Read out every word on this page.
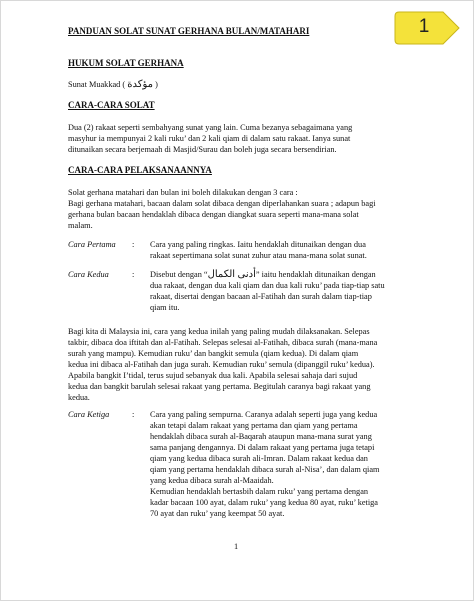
1
PANDUAN SOLAT SUNAT GERHANA BULAN/MATAHARI
HUKUM SOLAT GERHANA
Sunat Muakkad ( مؤكدة )
CARA-CARA SOLAT
Dua (2) rakaat seperti sembahyang sunat yang lain. Cuma bezanya sebagaimana yang
masyhur ia mempunyai 2 kali ruku’ dan 2 kali qiam di dalam satu rakaat. Ianya sunat
ditunaikan secara berjemaah di Masjid/Surau dan boleh juga secara bersendirian.
CARA-CARA PELAKSANAANNYA
Solat gerhana matahari dan bulan ini boleh dilakukan dengan 3 cara :
Bagi gerhana matahari, bacaan dalam solat dibaca dengan diperlahankan suara ; adapun bagi
gerhana bulan bacaan hendaklah dibaca dengan diangkat suara seperti mana-mana solat
malam.
Cara Pertama : Cara yang paling ringkas. Iaitu hendaklah ditunaikan dengan dua
rakaat sepertimana solat sunat zuhur atau mana-mana solat sunat.
Cara Kedua	: Disebut dengan “أدنى الكمال” iaitu hendaklah ditunaikan dengan
dua rakaat, dengan dua kali qiam dan dua kali ruku’ pada tiap-tiap satu
rakaat, disertai dengan bacaan al-Fatihah dan surah dalam tiap-tiap
qiam itu.
Bagi kita di Malaysia ini, cara yang kedua inilah yang paling mudah dilaksanakan. Selepas
takbir, dibaca doa iftitah dan al-Fatihah. Selepas selesai al-Fatihah, dibaca surah (mana-mana
surah yang mampu). Kemudian ruku’ dan bangkit semula (qiam kedua). Di dalam qiam
kedua ini dibaca al-Fatihah dan juga surah. Kemudian ruku’ semula (dipanggil ruku’ kedua).
Apabila bangkit I’tidal, terus sujud sebanyak dua kali. Apabila selesai sahaja dari sujud
kedua dan bangkit barulah selesai rakaat yang pertama. Begitulah caranya bagi rakaat yang
kedua.
Cara Ketiga	: Cara yang paling sempurna. Caranya adalah seperti juga yang kedua
akan tetapi dalam rakaat yang pertama dan qiam yang pertama
hendaklah dibaca surah al-Baqarah ataupun mana-mana surat yang
sama panjang dengannya. Di dalam rakaat yang pertama juga tetapi
qiam yang kedua dibaca surah ali-Imran. Dalam rakaat kedua dan
qiam yang pertama hendaklah dibaca surah al-Nisa’, dan dalam qiam
yang kedua dibaca surah al-Maaidah.
Kemudian hendaklah bertasbih dalam ruku’ yang pertama dengan
kadar bacaan 100 ayat, dalam ruku’ yang kedua 80 ayat, ruku’ ketiga
70 ayat dan ruku’ yang keempat 50 ayat.
1
